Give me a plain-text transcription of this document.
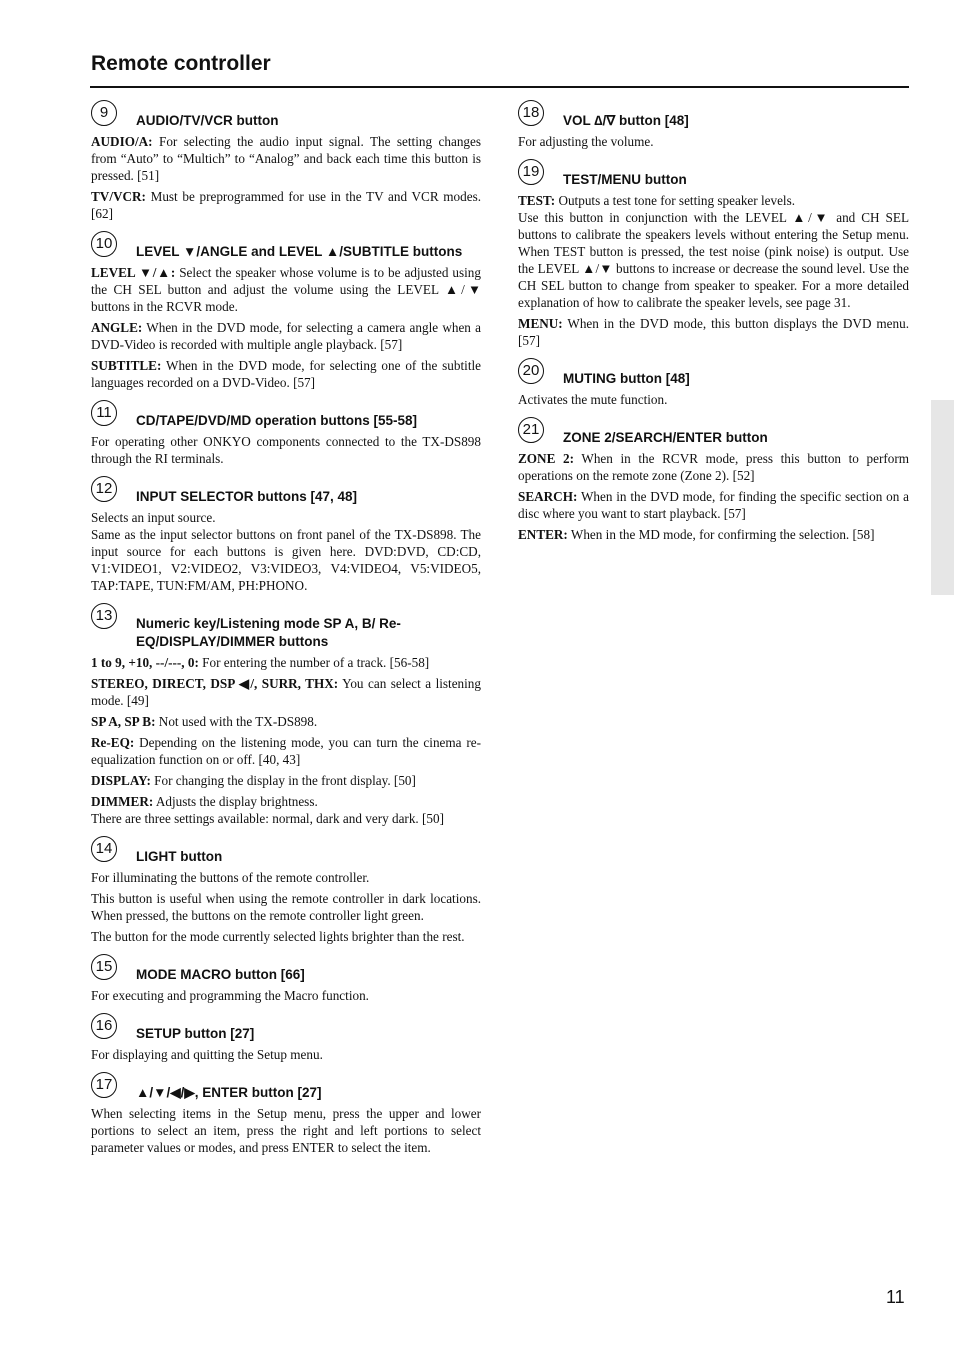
Remote controller
9	AUDIO/TV/VCR button

AUDIO/A: For selecting the audio input signal. The setting changes from “Auto” to “Multich” to “Analog” and back each time this button is pressed. [51]

TV/VCR: Must be preprogrammed for use in the TV and VCR modes. [62]

10	LEVEL ▼/ANGLE and LEVEL ▲/SUBTITLE buttons

LEVEL ▼/▲: Select the speaker whose volume is to be adjusted using the CH SEL button and adjust the volume using the LEVEL ▲/▼ buttons in the RCVR mode.

ANGLE: When in the DVD mode, for selecting a camera angle when a DVD-Video is recorded with multiple angle playback. [57]

SUBTITLE: When in the DVD mode, for selecting one of the subtitle languages recorded on a DVD-Video. [57]

11	CD/TAPE/DVD/MD operation buttons [55-58]

For operating other ONKYO components connected to the TX-DS898 through the RI terminals.

12	INPUT SELECTOR buttons [47, 48]

Selects an input source.

Same as the input selector buttons on front panel of the TX-DS898. The input source for each buttons is given here. DVD:DVD, CD:CD, V1:VIDEO1, V2:VIDEO2, V3:VIDEO3, V4:VIDEO4, V5:VIDEO5, TAP:TAPE, TUN:FM/AM, PH:PHONO.

13	Numeric key/Listening mode SP A, B/ Re-EQ/DISPLAY/DIMMER buttons

1 to 9, +10, --/---, 0: For entering the number of a track. [56-58]

STEREO, DIRECT, DSP ◀/, SURR, THX: You can select a listening mode. [49]

SP A, SP B: Not used with the TX-DS898.

Re-EQ: Depending on the listening mode, you can turn the cinema re-equalization function on or off. [40, 43]

DISPLAY: For changing the display in the front display. [50]

DIMMER: Adjusts the display brightness.

There are three settings available: normal, dark and very dark. [50]

14	LIGHT button

For illuminating the buttons of the remote controller.

This button is useful when using the remote controller in dark locations. When pressed, the buttons on the remote controller light green.

The button for the mode currently selected lights brighter than the rest.

15	MODE MACRO button [66]

For executing and programming the Macro function.

16	SETUP button [27]

For displaying and quitting the Setup menu.

17	▲/▼/◀/▶, ENTER button [27]

When selecting items in the Setup menu, press the upper and lower portions to select an item, press the right and left portions to select parameter values or modes, and press ENTER to select the item.

18	VOL ∆/∇ button [48]

For adjusting the volume.

19	TEST/MENU button

TEST: Outputs a test tone for setting speaker levels.

Use this button in conjunction with the LEVEL ▲/▼ and CH SEL buttons to calibrate the speakers levels without entering the Setup menu. When TEST button is pressed, the test noise (pink noise) is output. Use the LEVEL ▲/▼ buttons to increase or decrease the sound level. Use the CH SEL button to change from speaker to speaker. For a more detailed explanation of how to calibrate the speaker levels, see page 31.

MENU: When in the DVD mode, this button displays the DVD menu. [57]

20	MUTING button [48]

Activates the mute function.

21	ZONE 2/SEARCH/ENTER button

ZONE 2: When in the RCVR mode, press this button to perform operations on the remote zone (Zone 2). [52]

SEARCH: When in the DVD mode, for finding the specific section on a disc where you want to start playback. [57]

ENTER: When in the MD mode, for confirming the selection. [58]

11
